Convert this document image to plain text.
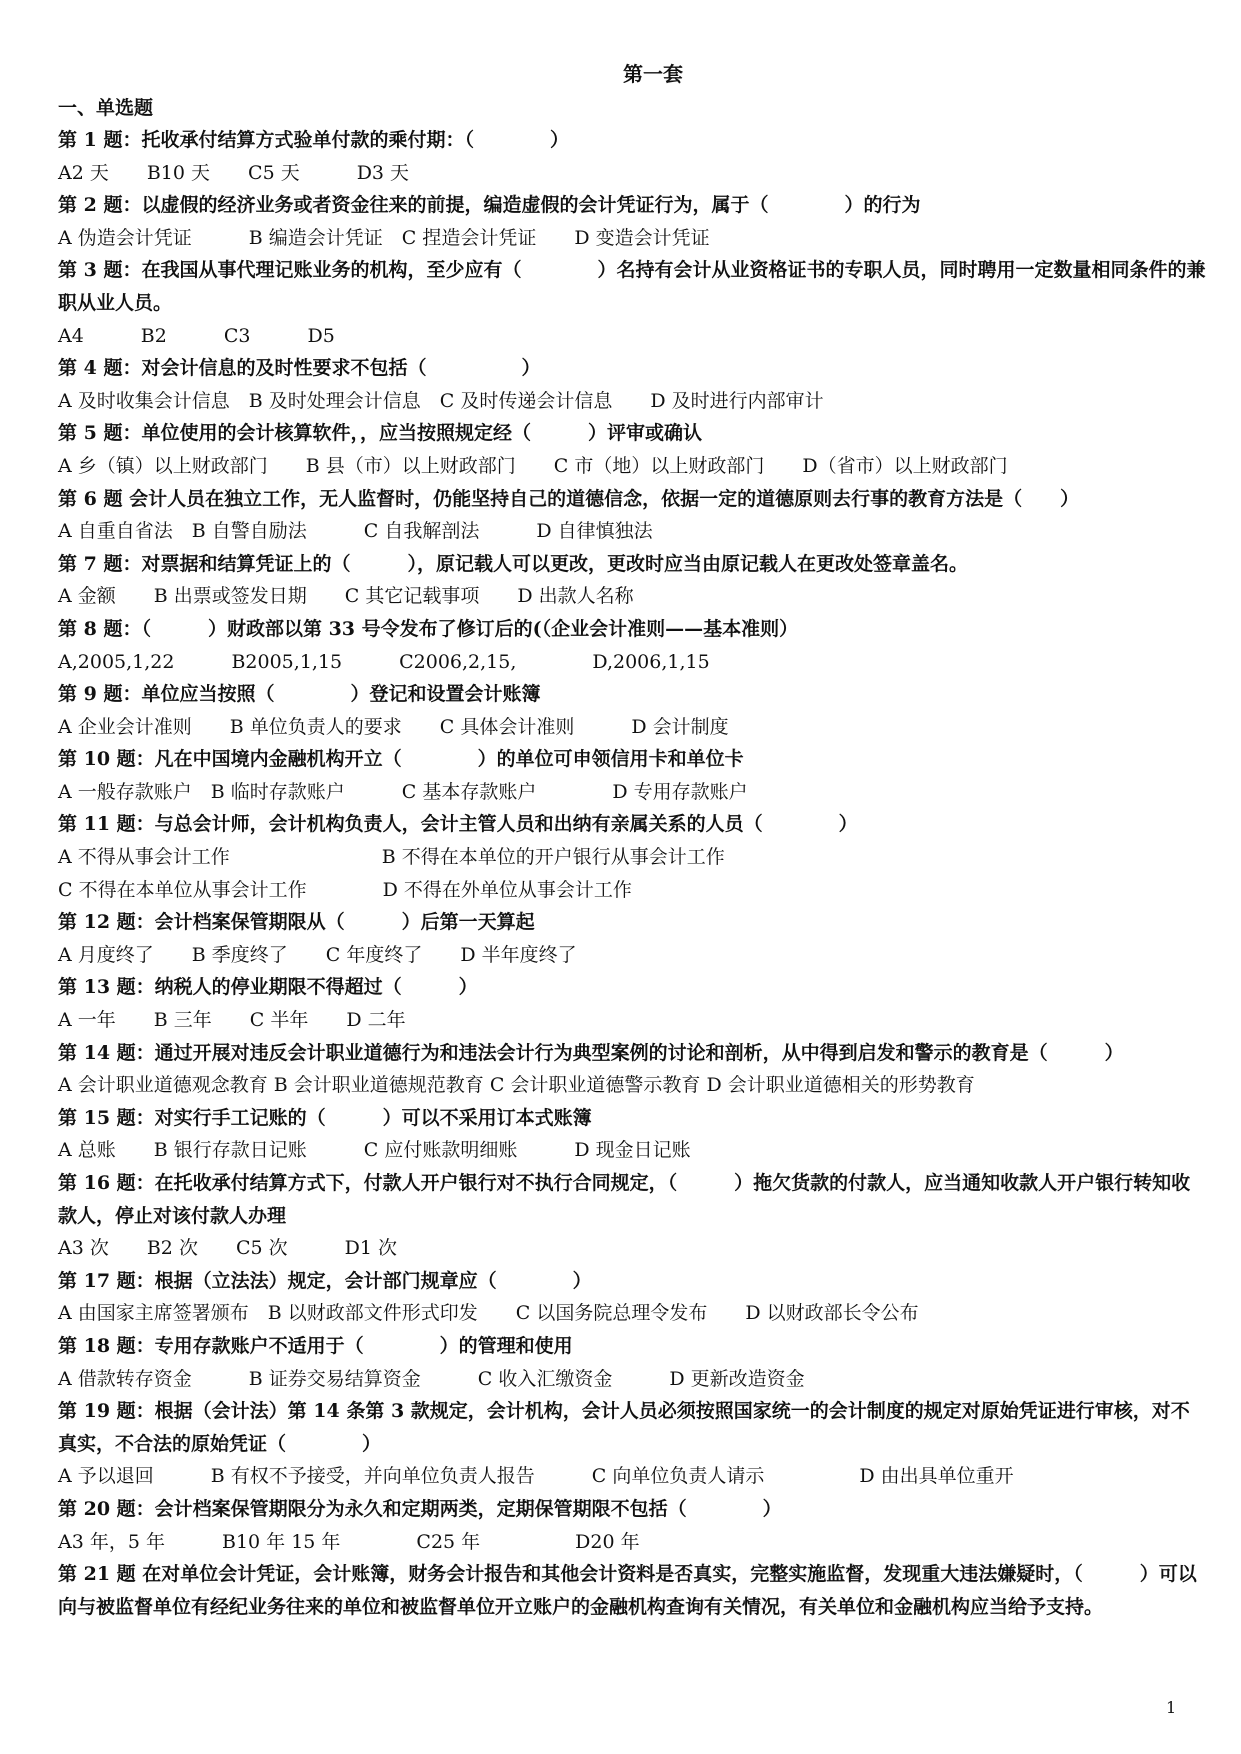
第一套
一、单选题
第 1 题：托收承付结算方式验单付款的乘付期：（　　　　）
A2 天　　B10 天　　C5 天　　　D3 天
第 2 题：以虚假的经济业务或者资金往来的前提，编造虚假的会计凭证行为，属于（　　　　）的行为
A 伪造会计凭证　　　B 编造会计凭证　C 捏造会计凭证　　D 变造会计凭证
第 3 题：在我国从事代理记账业务的机构，至少应有（　　　　）名持有会计从业资格证书的专职人员，同时聘用一定数量相同条件的兼职从业人员。
A4　　　B2　　　C3　　　D5
第 4 题：对会计信息的及时性要求不包括（　　　　　）
A 及时收集会计信息　B 及时处理会计信息　C 及时传递会计信息　　D 及时进行内部审计
第 5 题：单位使用的会计核算软件，，应当按照规定经（　　　）评审或确认
A 乡（镇）以上财政部门　　B 县（市）以上财政部门　　C 市（地）以上财政部门　　D（省市）以上财政部门
第 6 题 会计人员在独立工作，无人监督时，仍能坚持自己的道德信念，依据一定的道德原则去行事的教育方法是（　　）
A 自重自省法　B 自警自励法　　　C 自我解剖法　　　D 自律慎独法
第 7 题：对票据和结算凭证上的（　　　），原记载人可以更改，更改时应当由原记载人在更改处签章盖名。
A 金额　　B 出票或签发日期　　C 其它记载事项　　D 出款人名称
第 8 题：（　　　）财政部以第 33 号令发布了修订后的(（企业会计准则——基本准则）
A,2005,1,22　　　B2005,1,15　　　C2006,2,15,　　　　D,2006,1,15
第 9 题：单位应当按照（　　　　）登记和设置会计账簿
A 企业会计准则　　B 单位负责人的要求　　C 具体会计准则　　　D 会计制度
第 10 题：凡在中国境内金融机构开立（　　　　）的单位可申领信用卡和单位卡
A 一般存款账户　B 临时存款账户　　　C 基本存款账户　　　　D 专用存款账户
第 11 题：与总会计师，会计机构负责人，会计主管人员和出纳有亲属关系的人员（　　　　）
A 不得从事会计工作　　　　　　　　B 不得在本单位的开户银行从事会计工作
C 不得在本单位从事会计工作　　　　D 不得在外单位从事会计工作
第 12 题：会计档案保管期限从（　　　）后第一天算起
A 月度终了　　B 季度终了　　C 年度终了　　D 半年度终了
第 13 题：纳税人的停业期限不得超过（　　　）
A 一年　　B 三年　　C 半年　　D 二年
第 14 题：通过开展对违反会计职业道德行为和违法会计行为典型案例的讨论和剖析，从中得到启发和警示的教育是（　　　）
A 会计职业道德观念教育 B 会计职业道德规范教育 C 会计职业道德警示教育 D 会计职业道德相关的形势教育
第 15 题：对实行手工记账的（　　　）可以不采用订本式账簿
A 总账　　B 银行存款日记账　　　C 应付账款明细账　　　D 现金日记账
第 16 题：在托收承付结算方式下，付款人开户银行对不执行合同规定，（　　　）拖欠货款的付款人，应当通知收款人开户银行转知收款人，停止对该付款人办理
A3 次　　B2 次　　C5 次　　　D1 次
第 17 题：根据（立法法）规定，会计部门规章应（　　　　）
A 由国家主席签署颁布　B 以财政部文件形式印发　　C 以国务院总理令发布　　D 以财政部长令公布
第 18 题：专用存款账户不适用于（　　　　）的管理和使用
A 借款转存资金　　　B 证券交易结算资金　　　C 收入汇缴资金　　　D 更新改造资金
第 19 题：根据（会计法）第 14 条第 3 款规定，会计机构，会计人员必须按照国家统一的会计制度的规定对原始凭证进行审核，对不真实，不合法的原始凭证（　　　　）
A 予以退回　　　B 有权不予接受，并向单位负责人报告　　　C 向单位负责人请示　　　　　D 由出具单位重开
第 20 题：会计档案保管期限分为永久和定期两类，定期保管期限不包括（　　　　）
A3 年，5 年　　　B10 年 15 年　　　　C25 年　　　　　D20 年
第 21 题 在对单位会计凭证，会计账簿，财务会计报告和其他会计资料是否真实，完整实施监督，发现重大违法嫌疑时，（　　　）可以向与被监督单位有经纪业务往来的单位和被监督单位开立账户的金融机构查询有关情况，有关单位和金融机构应当给予支持。
1
